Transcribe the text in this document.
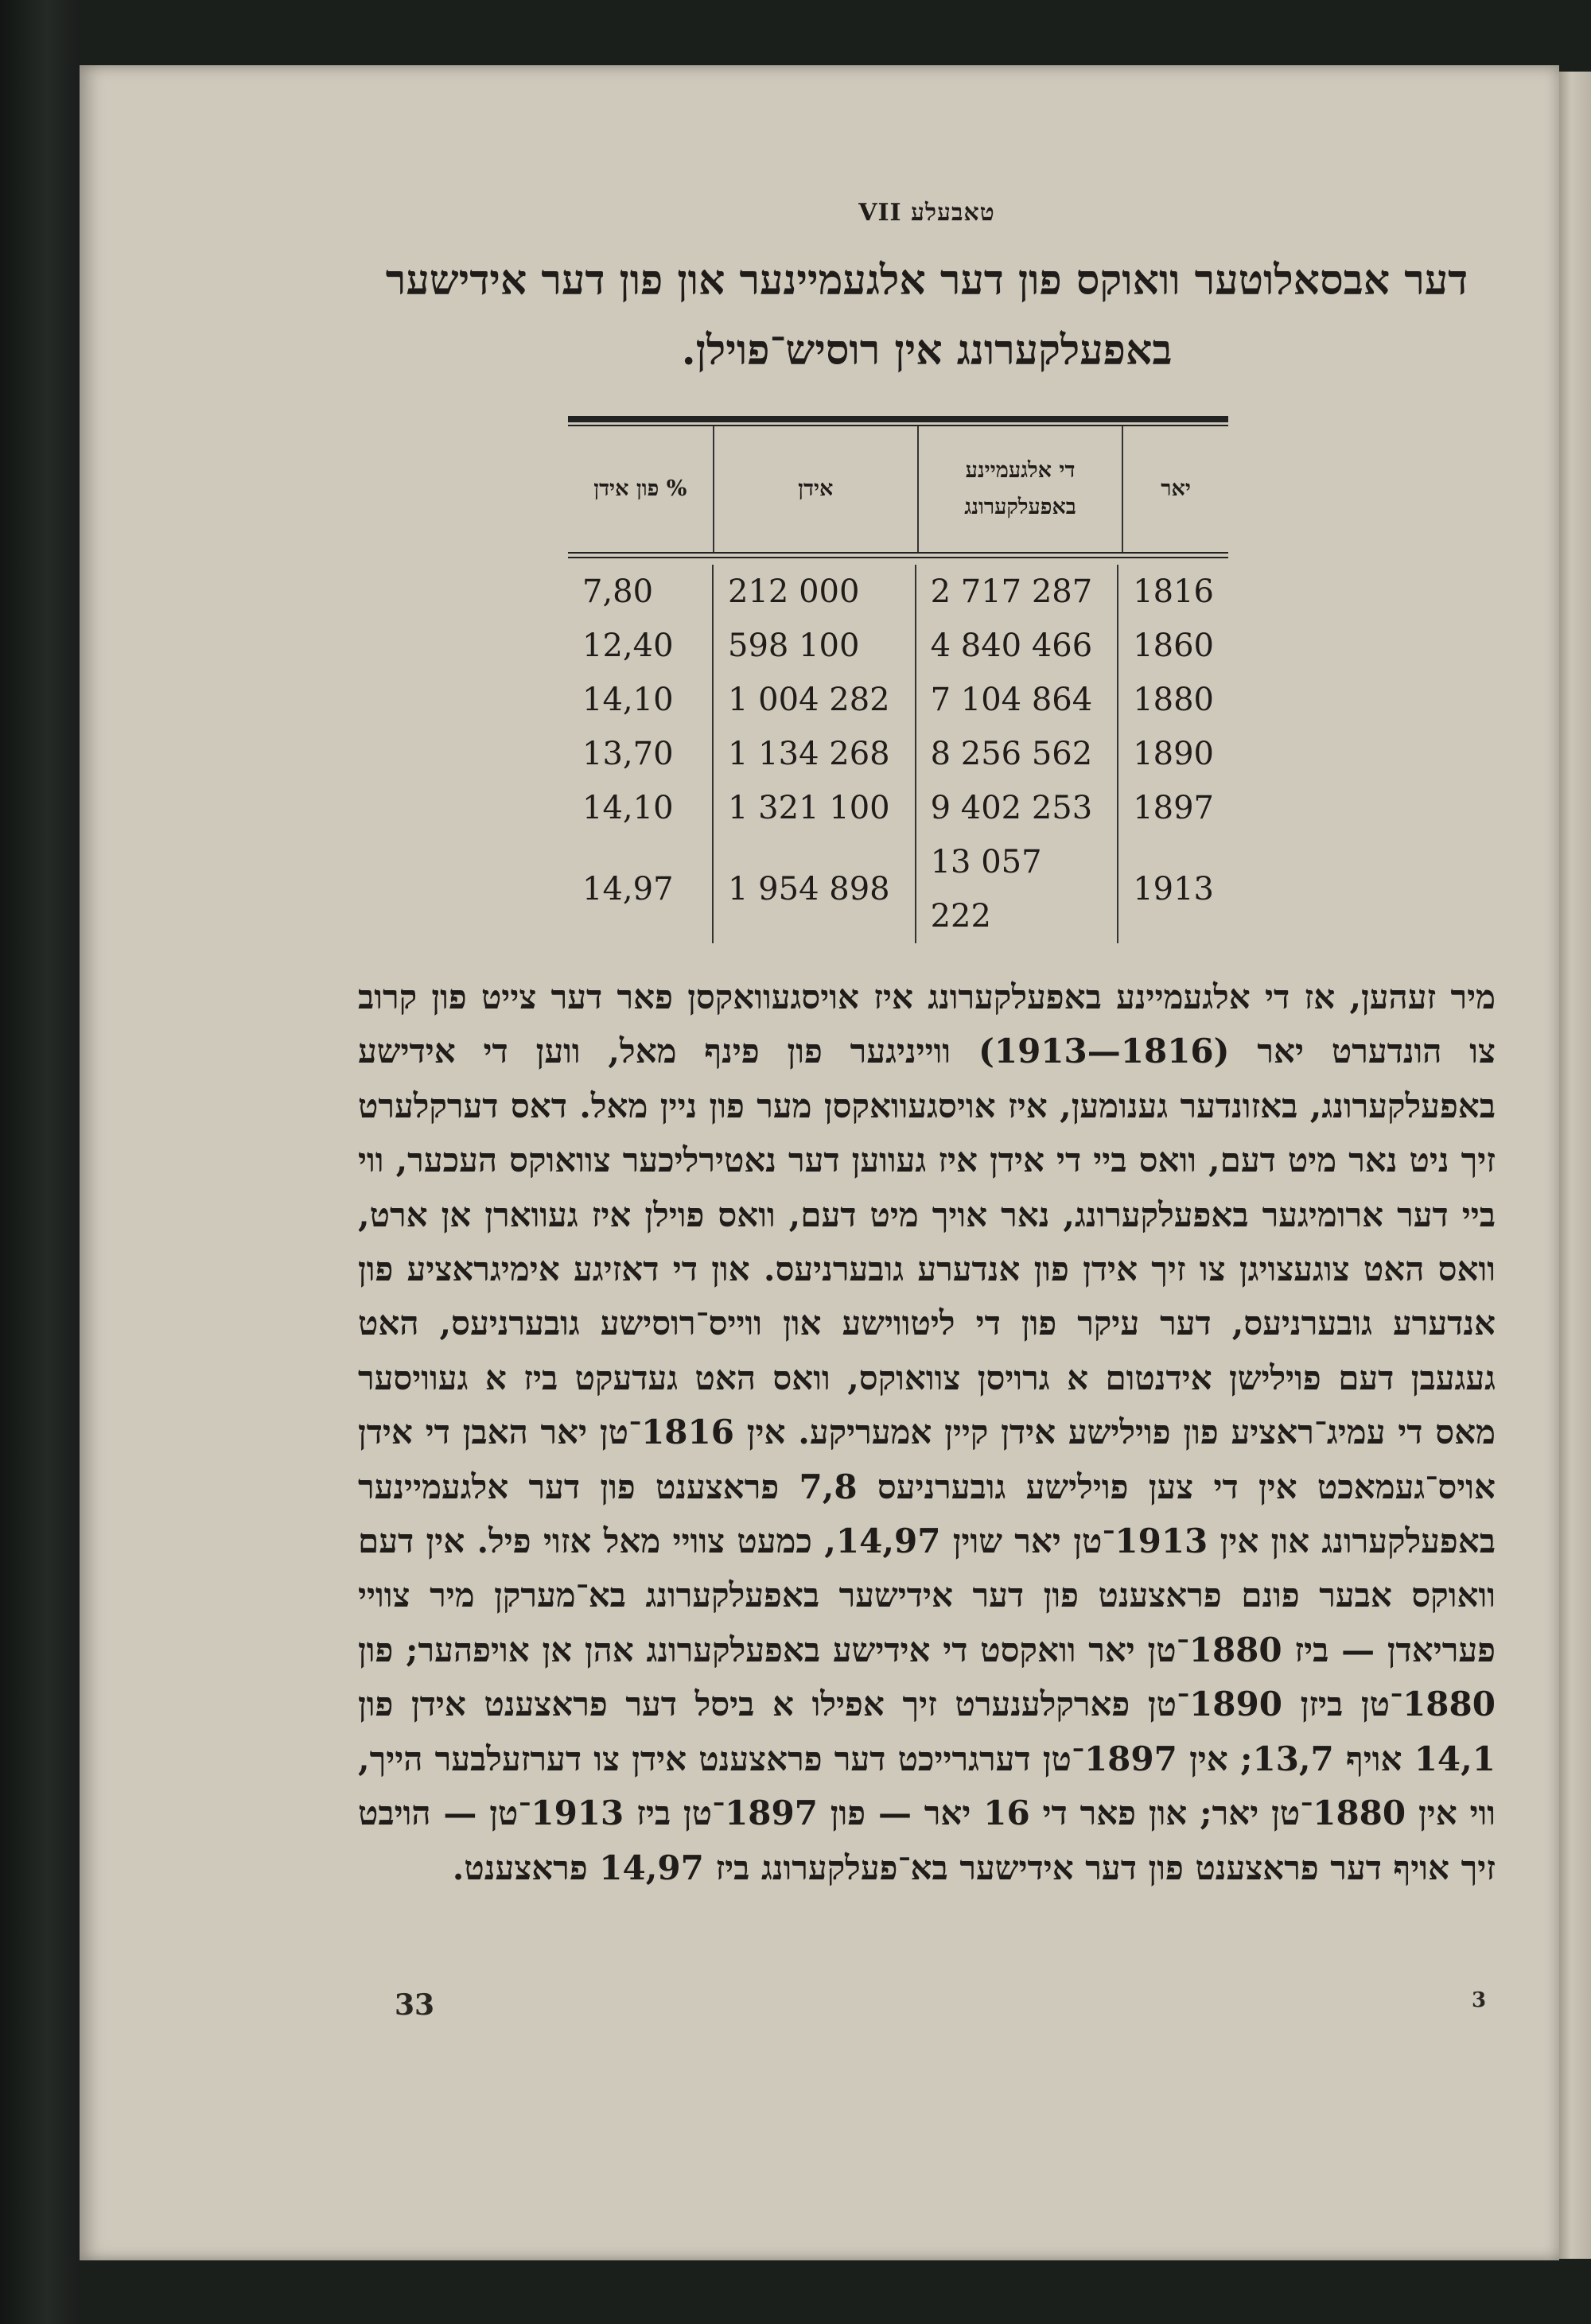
טאבעלע VII
דער אבסאלוטער וואוקס פון דער אלגעמיינער און פון דער אידישער באפעלקערונג אין רוסיש־פוילן.
יאר	די אלגעמיינע באפעלקערונג	אידן	% פון אידן
1816	2 717 287	212 000	7,80
1860	4 840 466	598 100	12,40
1880	7 104 864	1 004 282	14,10
1890	8 256 562	1 134 268	13,70
1897	9 402 253	1 321 100	14,10
1913	13 057 222	1 954 898	14,97
מיר זעהען, אז די אלגעמיינע באפעלקערונג איז אויסגעוואקסן פאר דער צייט פון קרוב צו הונדערט יאר (1816—1913) ווייניגער פון פינף מאל, ווען די אידישע באפעלקערונג, באזונדער גענומען, איז אויסגעוואקסן מער פון ניין מאל. דאס דערקלערט זיך ניט נאר מיט דעם, וואס ביי די אידן איז געווען דער נאטירליכער צוואוקס העכער, ווי ביי דער ארומיגער באפעלקערונג, נאר אויך מיט דעם, וואס פוילן איז געווארן אן ארט, וואס האט צוגעצויגן צו זיך אידן פון אנדערע גובערניעס. און די דאזיגע אימיגראציע פון אנדערע גובערניעס, דער עיקר פון די ליטווישע און ווייס־רוסישע גובערניעס, האט געגעבן דעם פוילישן אידנטום א גרויסן צוואוקס, וואס האט געדעקט ביז א געוויסער מאס די עמיג־ראציע פון פוילישע אידן קיין אמעריקע. אין 1816־טן יאר האבן די אידן אויס־געמאכט אין די צען פוילישע גובערניעס 7,8 פראצענט פון דער אלגעמיינער באפעלקערונג און אין 1913־טן יאר שוין 14,97, כמעט צוויי מאל אזוי פיל. אין דעם וואוקס אבער פונם פראצענט פון דער אידישער באפעלקערונג בא־מערקן מיר צוויי פעריאדן — ביז 1880־טן יאר וואקסט די אידישע באפעלקערונג אהן אן אויפהער; פון 1880־טן ביזן 1890־טן פארקלענערט זיך אפילו א ביסל דער פראצענט אידן פון 14,1 אויף 13,7; אין 1897־טן דערגרייכט דער פראצענט אידן צו דערזעלבער הייך, ווי אין 1880־טן יאר; און פאר די 16 יאר — פון 1897־טן ביז 1913־טן — הויבט זיך אויף דער פראצענט פון דער אידישער בא־פעלקערונג ביז 14,97 פראצענט.
33	3
